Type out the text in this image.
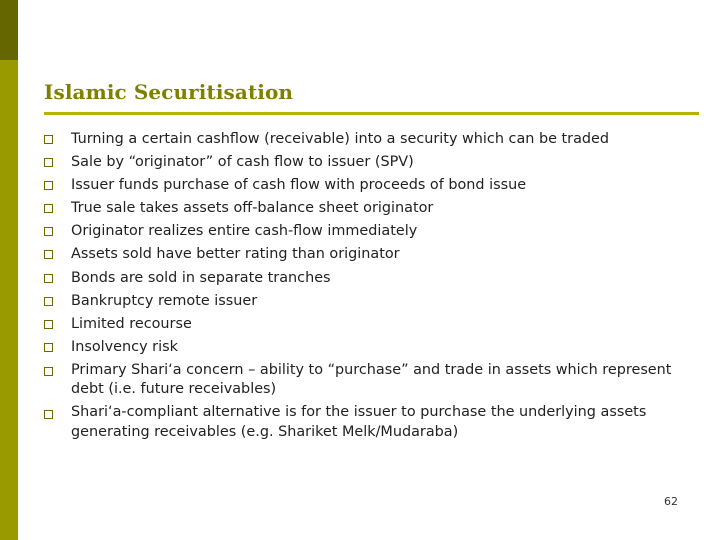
Islamic Securitisation
Turning a certain cashflow (receivable) into a security which can be traded
Sale by “originator” of cash flow to issuer (SPV)
Issuer funds purchase of cash flow with proceeds of bond issue
True sale takes assets off-balance sheet originator
Originator realizes entire cash-flow immediately
Assets sold have better rating than originator
Bonds are sold in separate tranches
Bankruptcy remote issuer
Limited recourse
Insolvency risk
Primary Shari‘a concern – ability to “purchase” and trade in assets which represent debt (i.e. future receivables)
Shari‘a-compliant alternative is for the issuer to purchase the underlying assets generating receivables (e.g. Shariket Melk/Mudaraba)
62
